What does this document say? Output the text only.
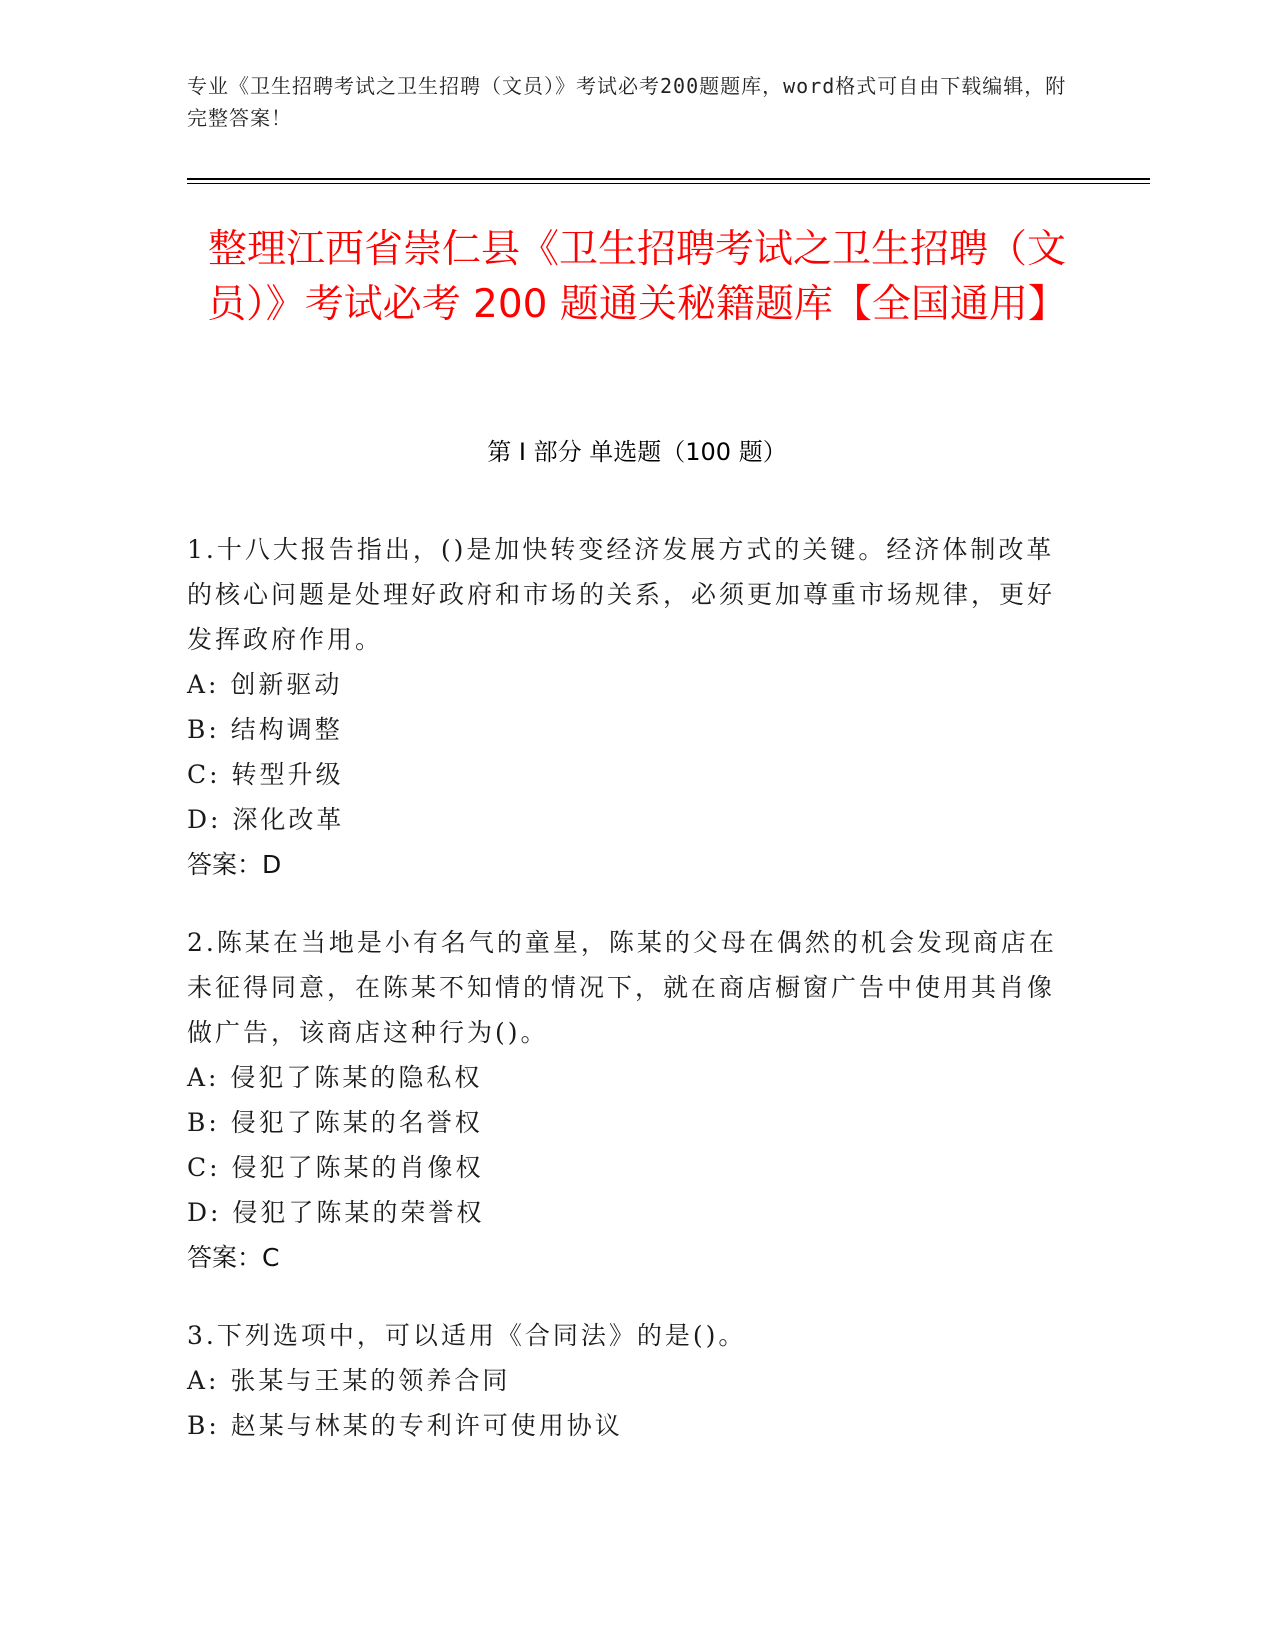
专业《卫生招聘考试之卫生招聘（文员）》考试必考200题题库，word格式可自由下载编辑，附完整答案！
整理江西省崇仁县《卫生招聘考试之卫生招聘（文员）》考试必考 200 题通关秘籍题库【全国通用】
第 I 部分 单选题（100 题）

1.十八大报告指出，()是加快转变经济发展方式的关键。经济体制改革的核心问题是处理好政府和市场的关系，必须更加尊重市场规律，更好发挥政府作用。

A: 创新驱动

B: 结构调整

C: 转型升级

D: 深化改革

答案：D

2.陈某在当地是小有名气的童星，陈某的父母在偶然的机会发现商店在未征得同意，在陈某不知情的情况下，就在商店橱窗广告中使用其肖像做广告，该商店这种行为()。

A: 侵犯了陈某的隐私权

B: 侵犯了陈某的名誉权

C: 侵犯了陈某的肖像权

D: 侵犯了陈某的荣誉权

答案：C

3.下列选项中，可以适用《合同法》的是()。

A: 张某与王某的领养合同

B: 赵某与林某的专利许可使用协议
